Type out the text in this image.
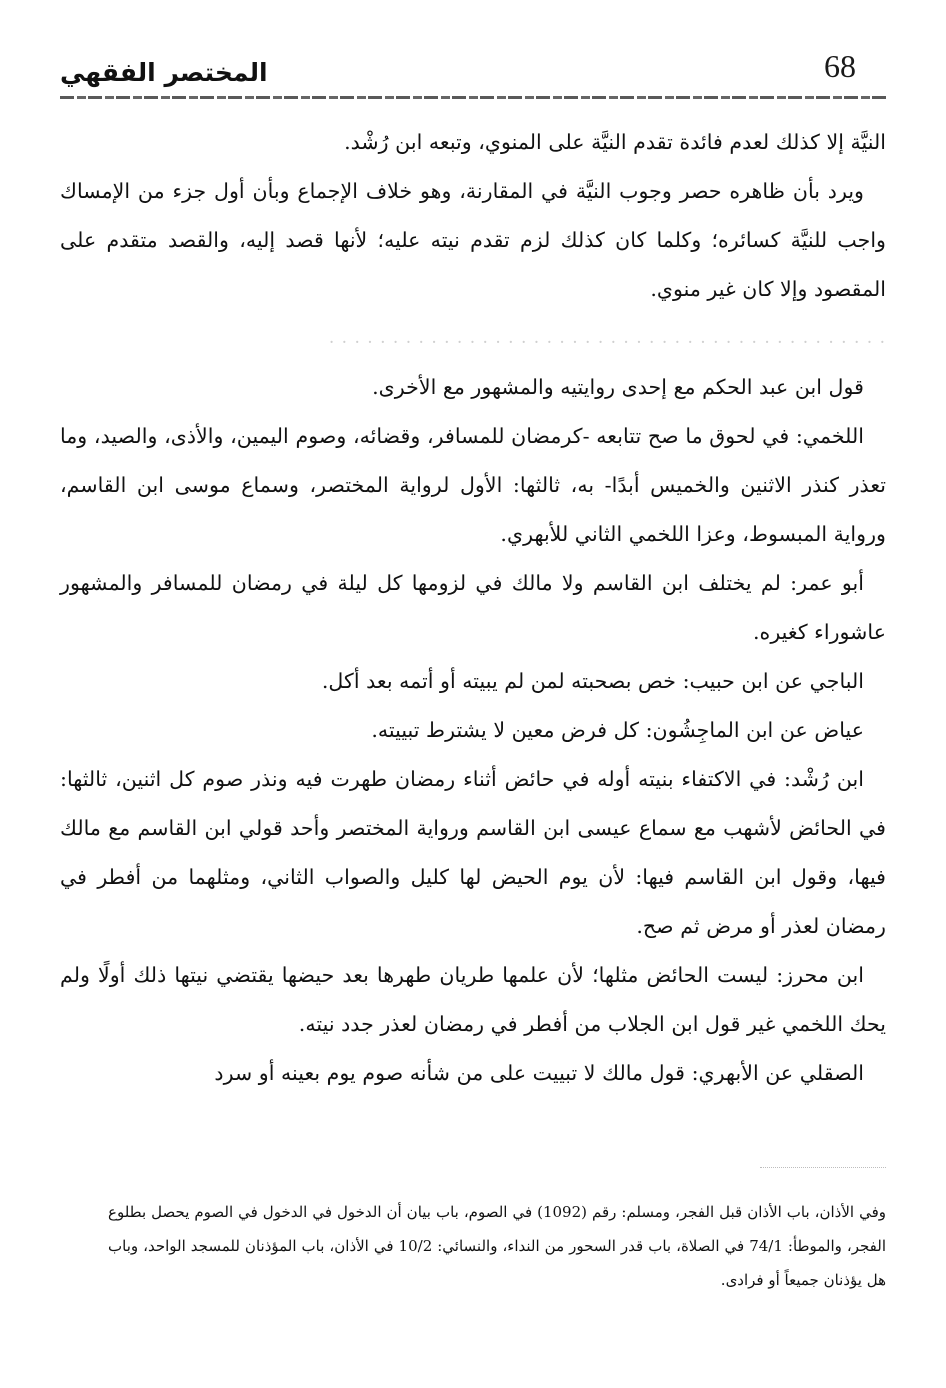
68
المختصر الفقهي

النيَّة إلا كذلك لعدم فائدة تقدم النيَّة على المنوي، وتبعه ابن رُشْد.

ويرد بأن ظاهره حصر وجوب النيَّة في المقارنة، وهو خلاف الإجماع وبأن أول جزء من الإمساك واجب للنيَّة كسائره؛ وكلما كان كذلك لزم تقدم نيته عليه؛ لأنها قصد إليه، والقصد متقدم على المقصود وإلا كان غير منوي.

. . . . . . . . . . . . . . . . . . . . . . . . . . . . . . . . . . . . . . . . . . . .

قول ابن عبد الحكم مع إحدى روايتيه والمشهور مع الأخرى.

اللخمي: في لحوق ما صح تتابعه -كرمضان للمسافر، وقضائه، وصوم اليمين، والأذى، والصيد، وما تعذر كنذر الاثنين والخميس أبدًا- به، ثالثها: الأول لرواية المختصر، وسماع موسى ابن القاسم، ورواية المبسوط، وعزا اللخمي الثاني للأبهري.

أبو عمر: لم يختلف ابن القاسم ولا مالك في لزومها كل ليلة في رمضان للمسافر والمشهور عاشوراء كغيره.

الباجي عن ابن حبيب: خص بصحبته لمن لم يبيته أو أتمه بعد أكل.

عياض عن ابن الماجِشُون: كل فرض معين لا يشترط تبييته.

ابن رُشْد: في الاكتفاء بنيته أوله في حائض أثناء رمضان طهرت فيه ونذر صوم كل اثنين، ثالثها: في الحائض لأشهب مع سماع عيسى ابن القاسم ورواية المختصر وأحد قولي ابن القاسم مع مالك فيها، وقول ابن القاسم فيها: لأن يوم الحيض لها كليل والصواب الثاني، ومثلهما من أفطر في رمضان لعذر أو مرض ثم صح.

ابن محرز: ليست الحائض مثلها؛ لأن علمها طريان طهرها بعد حيضها يقتضي نيتها ذلك أولًا ولم يحك اللخمي غير قول ابن الجلاب من أفطر في رمضان لعذر جدد نيته.

الصقلي عن الأبهري: قول مالك لا تبييت على من شأنه صوم يوم بعينه أو سرد

وفي الأذان، باب الأذان قبل الفجر، ومسلم: رقم (1092) في الصوم، باب بيان أن الدخول في الدخول في الصوم يحصل بطلوع الفجر، والموطأ: 74/1 في الصلاة، باب قدر السحور من النداء، والنسائي: 10/2 في الأذان، باب المؤذنان للمسجد الواحد، وباب هل يؤذنان جميعاً أو فرادى.
